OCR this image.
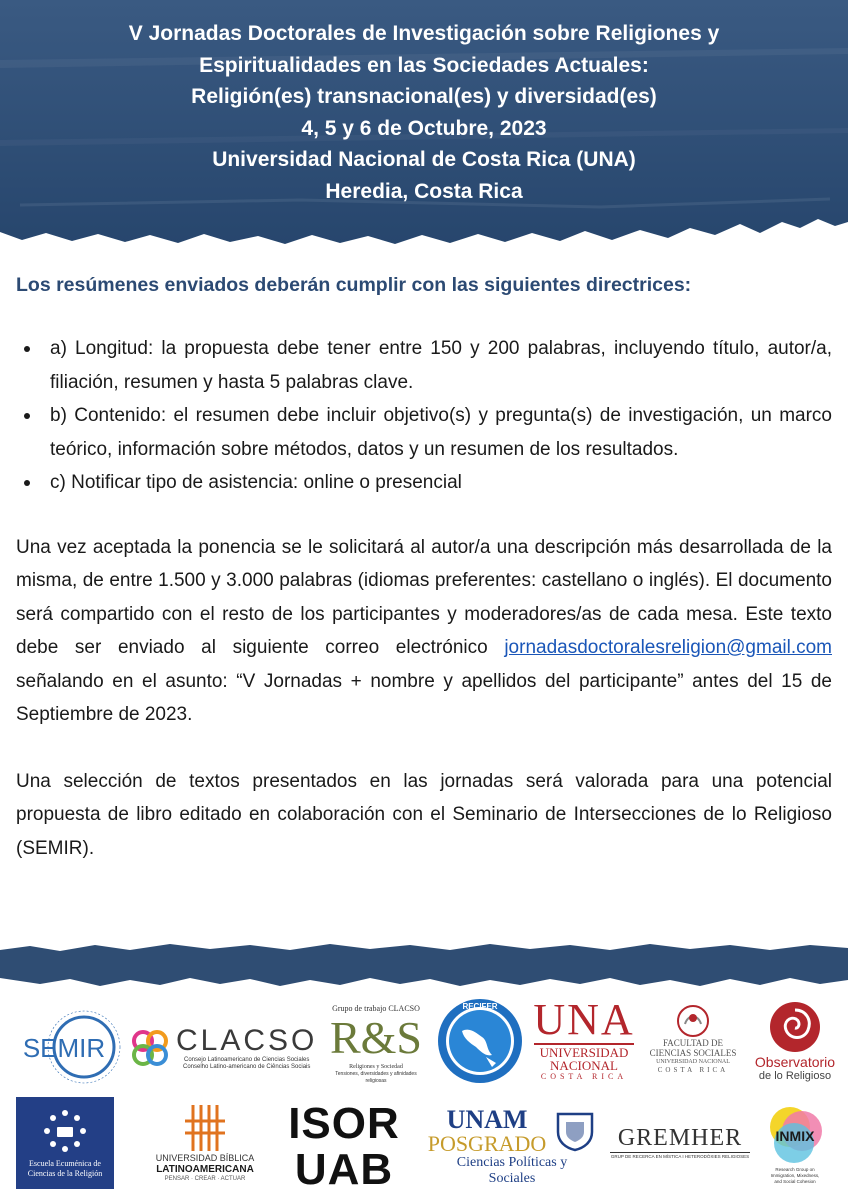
V Jornadas Doctorales de Investigación sobre Religiones y
Espiritualidades en las Sociedades Actuales:
Religión(es) transnacional(es) y diversidad(es)
4, 5 y 6 de Octubre, 2023
Universidad Nacional de Costa Rica (UNA)
Heredia, Costa Rica
Los resúmenes enviados deberán cumplir con las siguientes directrices:
a) Longitud: la propuesta debe tener entre 150 y 200 palabras, incluyendo título, autor/a, filiación, resumen y hasta 5 palabras clave.
b) Contenido: el resumen debe incluir objetivo(s) y pregunta(s) de investigación, un marco teórico, información sobre métodos, datos y un resumen de los resultados.
c) Notificar tipo de asistencia: online o presencial

Una vez aceptada la ponencia se le solicitará al autor/a una descripción más desarrollada de la misma, de entre 1.500 y 3.000 palabras (idiomas preferentes: castellano o inglés). El documento será compartido con el resto de los participantes y moderadores/as de cada mesa. Este texto debe ser enviado al siguiente correo electrónico jornadasdoctoralesreligion@gmail.com señalando en el asunto: “V Jornadas + nombre y apellidos del participante” antes del 15 de Septiembre de 2023.

Una selección de textos presentados en las jornadas será valorada para una potencial propuesta de libro editado en colaboración con el Seminario de Intersecciones de lo Religioso (SEMIR).

SEMIR CLACSO
Consejo Latinoamericano de Ciencias Sociales
Conselho Latino-americano de Ciências Sociais
Grupo de trabajo CLACSO
R&S
Religiones y Sociedad
Tensiones, diversidades y afinidades religiosas
RECIFER UNA
UNIVERSIDAD
NACIONAL
COSTA RICA
FACULTAD DE
CIENCIAS SOCIALES
UNIVERSIDAD NACIONAL
COSTA RICA
Observatorio
de lo Religioso
Escuela Ecuménica de
Ciencias de la Religión
UNIVERSIDAD BÍBLICA
LATINOAMERICANA
PENSAR · CREAR · ACTUAR
ISOR
UAB
UNAM
POSGRADO
Ciencias Políticas y
Sociales
GREMHER
GRUP DE RECERCA EN MÍSTICA I HETERODÒXIES RELIGIOSES
INMIX
Research Group on Immigration, Mixedness, and Social Cohesion
